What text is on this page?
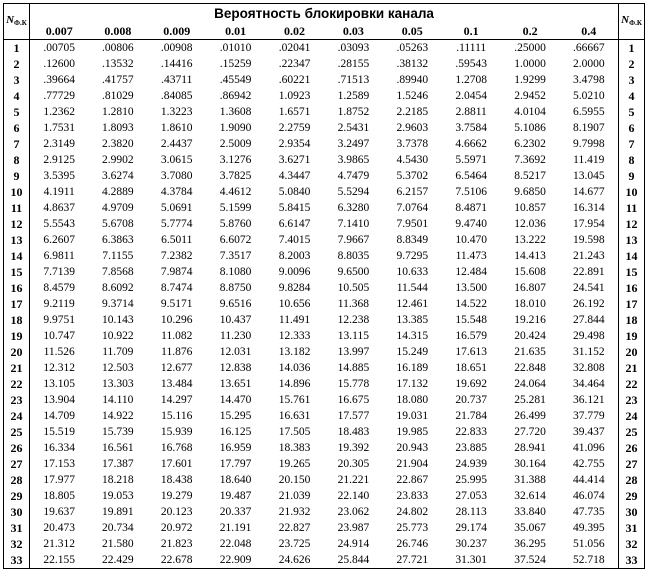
$N_{Ф.К}$	Вероятность блокировки канала										$N_{Ф.К}$
	0.007	0.008	0.009	0.01	0.02	0.03	0.05	0.1	0.2	0.4	
1	.00705	.00806	.00908	.01010	.02041	.03093	.05263	.11111	.25000	.66667	1
2	.12600	.13532	.14416	.15259	.22347	.28155	.38132	.59543	1.0000	2.0000	2
3	.39664	.41757	.43711	.45549	.60221	.71513	.89940	1.2708	1.9299	3.4798	3
4	.77729	.81029	.84085	.86942	1.0923	1.2589	1.5246	2.0454	2.9452	5.0210	4
5	1.2362	1.2810	1.3223	1.3608	1.6571	1.8752	2.2185	2.8811	4.0104	6.5955	5
6	1.7531	1.8093	1.8610	1.9090	2.2759	2.5431	2.9603	3.7584	5.1086	8.1907	6
7	2.3149	2.3820	2.4437	2.5009	2.9354	3.2497	3.7378	4.6662	6.2302	9.7998	7
8	2.9125	2.9902	3.0615	3.1276	3.6271	3.9865	4.5430	5.5971	7.3692	11.419	8
9	3.5395	3.6274	3.7080	3.7825	4.3447	4.7479	5.3702	6.5464	8.5217	13.045	9
10	4.1911	4.2889	4.3784	4.4612	5.0840	5.5294	6.2157	7.5106	9.6850	14.677	10
11	4.8637	4.9709	5.0691	5.1599	5.8415	6.3280	7.0764	8.4871	10.857	16.314	11
12	5.5543	5.6708	5.7774	5.8760	6.6147	7.1410	7.9501	9.4740	12.036	17.954	12
13	6.2607	6.3863	6.5011	6.6072	7.4015	7.9667	8.8349	10.470	13.222	19.598	13
14	6.9811	7.1155	7.2382	7.3517	8.2003	8.8035	9.7295	11.473	14.413	21.243	14
15	7.7139	7.8568	7.9874	8.1080	9.0096	9.6500	10.633	12.484	15.608	22.891	15
16	8.4579	8.6092	8.7474	8.8750	9.8284	10.505	11.544	13.500	16.807	24.541	16
17	9.2119	9.3714	9.5171	9.6516	10.656	11.368	12.461	14.522	18.010	26.192	17
18	9.9751	10.143	10.296	10.437	11.491	12.238	13.385	15.548	19.216	27.844	18
19	10.747	10.922	11.082	11.230	12.333	13.115	14.315	16.579	20.424	29.498	19
20	11.526	11.709	11.876	12.031	13.182	13.997	15.249	17.613	21.635	31.152	20
21	12.312	12.503	12.677	12.838	14.036	14.885	16.189	18.651	22.848	32.808	21
22	13.105	13.303	13.484	13.651	14.896	15.778	17.132	19.692	24.064	34.464	22
23	13.904	14.110	14.297	14.470	15.761	16.675	18.080	20.737	25.281	36.121	23
24	14.709	14.922	15.116	15.295	16.631	17.577	19.031	21.784	26.499	37.779	24
25	15.519	15.739	15.939	16.125	17.505	18.483	19.985	22.833	27.720	39.437	25
26	16.334	16.561	16.768	16.959	18.383	19.392	20.943	23.885	28.941	41.096	26
27	17.153	17.387	17.601	17.797	19.265	20.305	21.904	24.939	30.164	42.755	27
28	17.977	18.218	18.438	18.640	20.150	21.221	22.867	25.995	31.388	44.414	28
29	18.805	19.053	19.279	19.487	21.039	22.140	23.833	27.053	32.614	46.074	29
30	19.637	19.891	20.123	20.337	21.932	23.062	24.802	28.113	33.840	47.735	30
31	20.473	20.734	20.972	21.191	22.827	23.987	25.773	29.174	35.067	49.395	31
32	21.312	21.580	21.823	22.048	23.725	24.914	26.746	30.237	36.295	51.056	32
33	22.155	22.429	22.678	22.909	24.626	25.844	27.721	31.301	37.524	52.718	33
